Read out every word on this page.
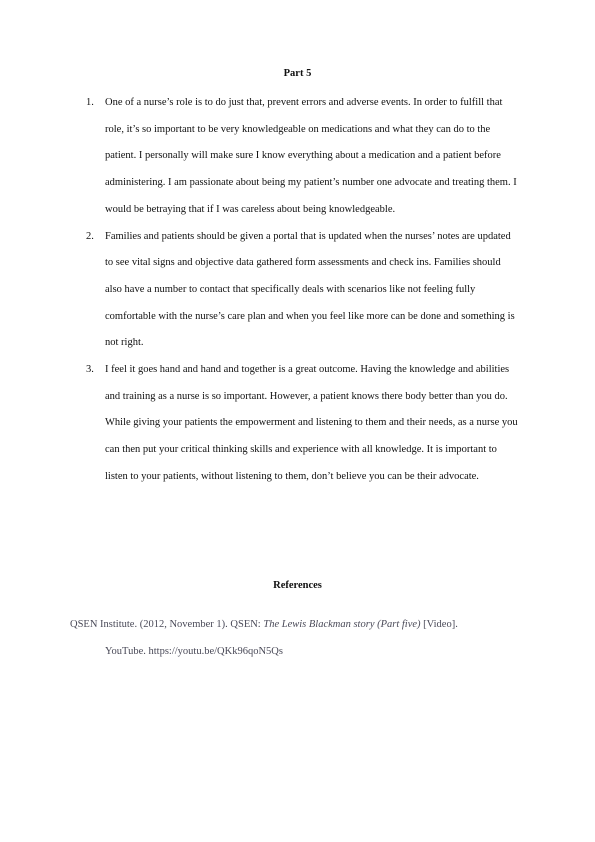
Part 5
1. One of a nurse’s role is to do just that, prevent errors and adverse events. In order to fulfill that role, it’s so important to be very knowledgeable on medications and what they can do to the patient. I personally will make sure I know everything about a medication and a patient before administering. I am passionate about being my patient’s number one advocate and treating them. I would be betraying that if I was careless about being knowledgeable.
2. Families and patients should be given a portal that is updated when the nurses’ notes are updated to see vital signs and objective data gathered form assessments and check ins. Families should also have a number to contact that specifically deals with scenarios like not feeling fully comfortable with the nurse’s care plan and when you feel like more can be done and something is not right.
3. I feel it goes hand and hand and together is a great outcome. Having the knowledge and abilities and training as a nurse is so important. However, a patient knows there body better than you do. While giving your patients the empowerment and listening to them and their needs, as a nurse you can then put your critical thinking skills and experience with all knowledge. It is important to listen to your patients, without listening to them, don’t believe you can be their advocate.
References
QSEN Institute. (2012, November 1). QSEN: The Lewis Blackman story (Part five) [Video].
YouTube. https://youtu.be/QKk96qoN5Qs
